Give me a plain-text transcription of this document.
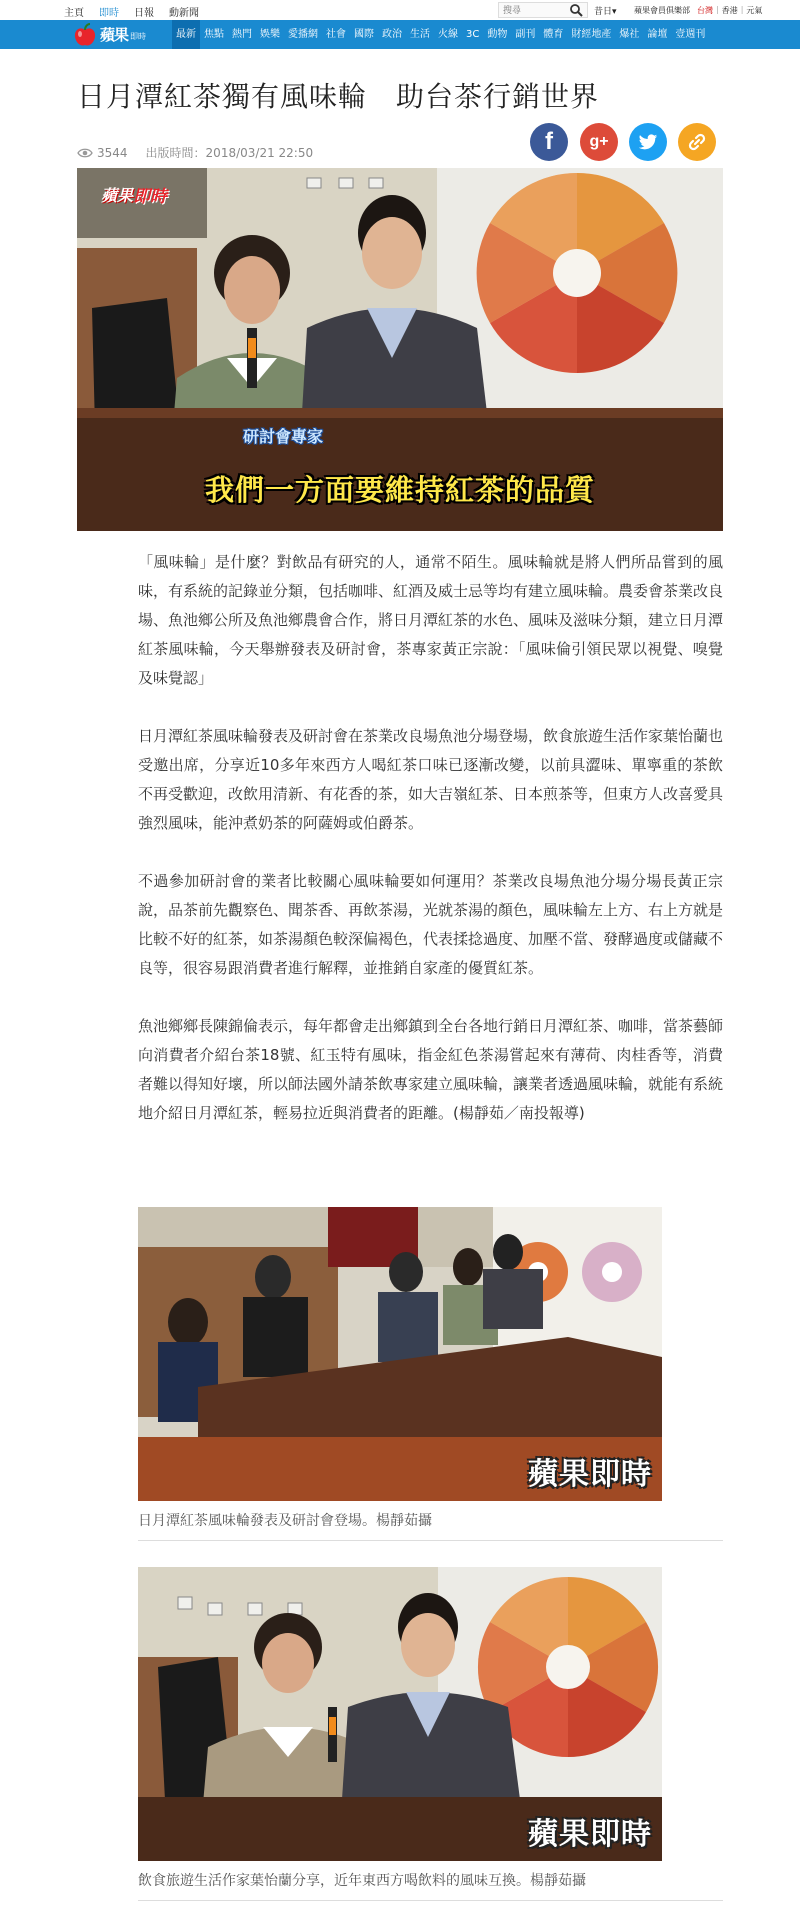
主頁 即時 日報 動新聞
搜尋	昔日▾ 蘋果會員俱樂部 台灣 | 香港 | 元氣
蘋果 即時	最新 焦點 熱門 娛樂 愛播網 社會 國際 政治 生活 火線 3C 動物 副刊 體育 財經地產 爆社 論壇 壹週刊
日月潭紅茶獨有風味輪　助台茶行銷世界
3544 出版時間：2018/03/21 22:50	f g+
蘋果 即時
研討會專家
我們一方面要維持紅茶的品質

「風味輪」是什麼？對飲品有研究的人，通常不陌生。風味輪就是將人們所品嘗到的風味，有系統的記錄並分類，包括咖啡、紅酒及威士忌等均有建立風味輪。農委會茶業改良場、魚池鄉公所及魚池鄉農會合作，將日月潭紅茶的水色、風味及滋味分類，建立日月潭紅茶風味輪，今天舉辦發表及研討會，茶專家黃正宗說：「風味倫引領民眾以視覺、嗅覺及味覺認」

日月潭紅茶風味輪發表及研討會在茶業改良場魚池分場登場，飲食旅遊生活作家葉怡蘭也受邀出席，分享近10多年來西方人喝紅茶口味已逐漸改變，以前具澀味、單寧重的茶飲不再受歡迎，改飲用清新、有花香的茶，如大吉嶺紅茶、日本煎茶等，但東方人改喜愛具強烈風味，能沖煮奶茶的阿薩姆或伯爵茶。

不過參加研討會的業者比較關心風味輪要如何運用？茶業改良場魚池分場分場長黃正宗說，品茶前先觀察色、聞茶香、再飲茶湯，光就茶湯的顏色，風味輪左上方、右上方就是比較不好的紅茶，如茶湯顏色較深偏褐色，代表揉捻過度、加壓不當、發酵過度或儲藏不良等，很容易跟消費者進行解釋，並推銷自家產的優質紅茶。

魚池鄉鄉長陳錦倫表示，每年都會走出鄉鎮到全台各地行銷日月潭紅茶、咖啡，當茶藝師向消費者介紹台茶18號、紅玉特有風味，指金紅色茶湯嘗起來有薄荷、肉桂香等，消費者難以得知好壞，所以師法國外請茶飲專家建立風味輪，讓業者透過風味輪，就能有系統地介紹日月潭紅茶，輕易拉近與消費者的距離。(楊靜茹／南投報導)

蘋果即時
日月潭紅茶風味輪發表及研討會登場。楊靜茹攝
蘋果即時
飲食旅遊生活作家葉怡蘭分享，近年東西方喝飲料的風味互換。楊靜茹攝
